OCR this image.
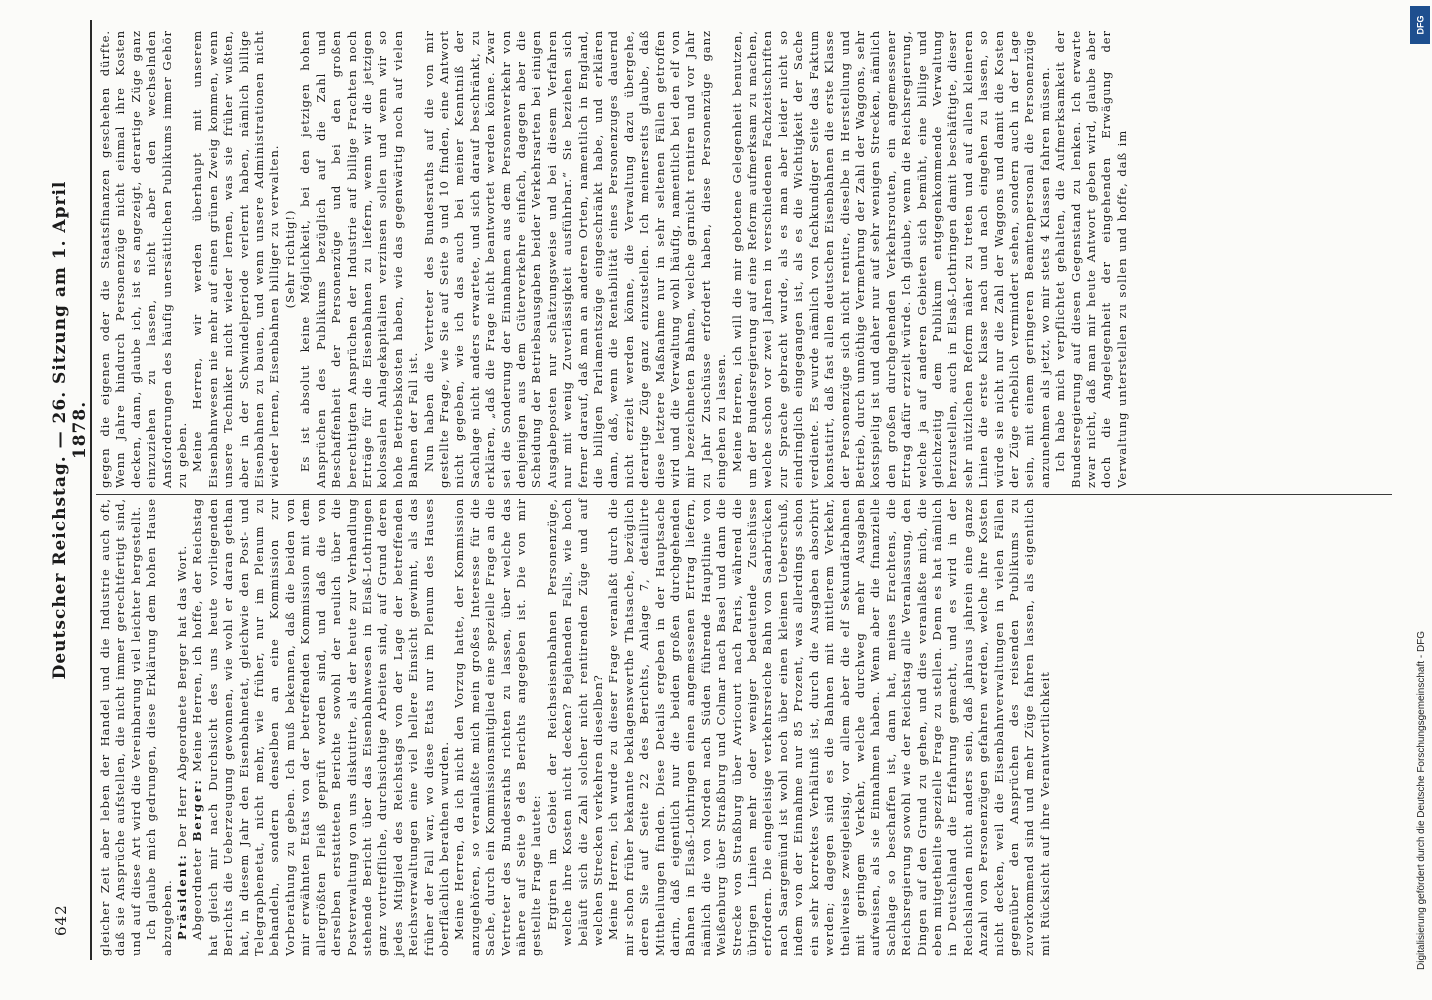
642
Deutscher Reichstag. — 26. Sitzung am 1. April 1878.

gleicher Zeit aber leben der Handel und die Industrie auch oft, daß sie Ansprüche aufstellen, die nicht immer gerechtfertigt sind, und auf diese Art wird die Vereinbarung viel leichter hergestellt. Ich glaube mich gedrungen, diese Erklärung dem hohen Hause abzugeben. Präsident: Der Herr Abgeordnete Berger hat das Wort.

Abgeordneter Berger: Meine Herren, ich hoffe, der Reichstag hat gleich mir nach Durchsicht des uns heute vorliegenden Berichts die Ueberzeugung gewonnen, wie wohl er daran gethan hat, in diesem Jahr den Eisenbahnetat, gleichwie den Post- und Telegraphenetat, nicht mehr, wie früher, nur im Plenum zu behandeln, sondern denselben an eine Kommission zur Vorberathung zu geben. Ich muß bekennen, daß die beiden von mir erwähnten Etats von der betreffenden Kommission mit dem allergrößten Fleiß geprüft worden sind, und daß die von derselben erstatteten Berichte sowohl der neulich über die Postverwaltung von uns diskutirte, als der heute zur Verhandlung stehende Bericht über das Eisenbahnwesen in Elsaß-Lothringen ganz vortreffliche, durchsichtige Arbeiten sind, auf Grund deren jedes Mitglied des Reichstags von der Lage der betreffenden Reichsverwaltungen eine viel hellere Einsicht gewinnt, als das früher der Fall war, wo diese Etats nur im Plenum des Hauses oberflächlich berathen wurden. Meine Herren, da ich nicht den Vorzug hatte, der Kommission anzugehören, so veranlaßte mich mein großes Interesse für die Sache, durch ein Kommissionsmitglied eine spezielle Frage an die Vertreter des Bundesraths richten zu lassen, über welche das nähere auf Seite 9 des Berichts angegeben ist. Die von mir gestellte Frage lautete: Ergiren im Gebiet der Reichseisenbahnen Personenzüge, welche ihre Kosten nicht decken? Bejahenden Falls, wie hoch beläuft sich die Zahl solcher nicht rentirenden Züge und auf welchen Strecken verkehren dieselben? Meine Herren, ich wurde zu dieser Frage veranlaßt durch die mir schon früher bekannte beklagenswerthe Thatsache, bezüglich deren Sie auf Seite 22 des Berichts, Anlage 7, detaillirte Mittheilungen finden. Diese Details ergeben in der Hauptsache darin, daß eigentlich nur die beiden großen durchgehenden Bahnen in Elsaß-Lothringen einen angemessenen Ertrag liefern, nämlich die von Norden nach Süden führende Hauptlinie von Weißenburg über Straßburg und Colmar nach Basel und dann die Strecke von Straßburg über Avricourt nach Paris, während die übrigen Linien mehr oder weniger bedeutende Zuschüsse erfordern. Die eingeleisige verkehrsreiche Bahn von Saarbrücken nach Saargemünd ist wohl noch über einen kleinen Ueberschuß, indem von der Einnahme nur 85 Prozent, was allerdings schon ein sehr korrektes Verhältniß ist, durch die Ausgaben absorbirt werden; dagegen sind es die Bahnen mit mittlerem Verkehr, theilweise zweigeleisig, vor allem aber die elf Sekundärbahnen mit geringem Verkehr, welche durchweg mehr Ausgaben aufweisen, als sie Einnahmen haben. Wenn aber die finanzielle Sachlage so beschaffen ist, dann hat, meines Erachtens, die Reichsregierung sowohl wie der Reichstag alle Veranlassung, den Dingen auf den Grund zu gehen, und dies veranlaßte mich, die eben mitgetheilte spezielle Frage zu stellen. Denn es hat nämlich in Deutschland die Erfahrung gemacht, und es wird in der Reichslanden nicht anders sein, daß jahraus jahrein eine ganze Anzahl von Personenzügen gefahren werden, welche ihre Kosten nicht decken, weil die Eisenbahnverwaltungen in vielen Fällen gegenüber den Ansprüchen des reisenden Publikums zu zuvorkommend sind und mehr Züge fahren lassen, als eigentlich mit Rücksicht auf ihre Verantwortlichkeit

gegen die eigenen oder die Staatsfinanzen geschehen dürfte. Wenn Jahre hindurch Personenzüge nicht einmal ihre Kosten decken, dann, glaube ich, ist es angezeigt, derartige Züge ganz einzuziehen zu lassen, nicht aber den wechselnden Ansforderungen des häufig unersättlichen Publikums immer Gehör zu geben. Meine Herren, wir werden überhaupt mit unserem Eisenbahnwesen nie mehr auf einen grünen Zweig kommen, wenn unsere Techniker nicht wieder lernen, was sie früher wußten, aber in der Schwindelperiode verlernt haben, nämlich billige Eisenbahnen zu bauen, und wenn unsere Administrationen nicht wieder lernen, Eisenbahnen billiger zu verwalten. (Sehr richtig!) Es ist absolut keine Möglichkeit, bei den jetzigen hohen Ansprüchen des Publikums bezüglich auf die Zahl und Beschaffenheit der Personenzüge und bei den großen berechtigten Ansprüchen der Industrie auf billige Frachten noch Erträge für die Eisenbahnen zu liefern, wenn wir die jetzigen kolossalen Anlagekapitalien verzinsen sollen und wenn wir so hohe Betriebskosten haben, wie das gegenwärtig noch auf vielen Bahnen der Fall ist. Nun haben die Vertreter des Bundesraths auf die von mir gestellte Frage, wie Sie auf Seite 9 und 10 finden, eine Antwort nicht gegeben, wie ich das auch bei meiner Kenntniß der Sachlage nicht anders erwartete, und sich darauf beschränkt, zu erklären, „daß die Frage nicht beantwortet werden könne. Zwar sei die Sonderung der Einnahmen aus dem Personenverkehr von denjenigen aus dem Güterverkehre einfach, dagegen aber die Scheidung der Betriebsausgaben beider Verkehrsarten bei einigen Ausgabeposten nur schätzungsweise und bei diesem Verfahren nur mit wenig Zuverlässigkeit ausführbar.“ Sie beziehen sich ferner darauf, daß man an anderen Orten, namentlich in England, die billigen Parlamentszüge eingeschränkt habe, und erklären dann, daß, wenn die Rentabilität eines Personenzuges dauernd nicht erzielt werden könne, die Verwaltung dazu übergehe, derartige Züge ganz einzustellen. Ich meinerseits glaube, daß diese letztere Maßnahme nur in sehr seltenen Fällen getroffen wird und die Verwaltung wohl häufig, namentlich bei den elf von mir bezeichneten Bahnen, welche garnicht rentiren und vor Jahr zu Jahr Zuschüsse erfordert haben, diese Personenzüge ganz eingehen zu lassen. Meine Herren, ich will die mir gebotene Gelegenheit benutzen, um der Bundesregierung auf eine Reform aufmerksam zu machen, welche schon vor zwei Jahren in verschiedenen Fachzeitschriften zur Sprache gebracht wurde, als es man aber leider nicht so eindringlich eingegangen ist, als es die Wichtigkeit der Sache verdiente. Es wurde nämlich von fachkundiger Seite das Faktum konstatirt, daß fast allen deutschen Eisenbahnen die erste Klasse der Personenzüge sich nicht rentire, dieselbe in Herstellung und Betrieb, durch unnöthige Vermehrung der Zahl der Waggons, sehr kostspielig ist und daher nur auf sehr wenigen Strecken, nämlich den großen durchgehenden Verkehrsrouten, ein angemessener Ertrag dafür erzielt würde. Ich glaube, wenn die Reichsregierung, welche ja auf anderen Gebieten sich bemüht, eine billige und gleichzeitig dem Publikum entgegenkommende Verwaltung herzustellen, auch in Elsaß-Lothringen damit beschäftigte, dieser sehr nützlichen Reform näher zu treten und auf allen kleineren Linien die erste Klasse nach und nach eingehen zu lassen, so würde sie nicht nur die Zahl der Waggons und damit die Kosten der Züge erheblich vermindert sehen, sondern auch in der Lage sein, mit einem geringeren Beamtenpersonal die Personenzüge anzunehmen als jetzt, wo mir stets 4 Klassen fahren müssen. Ich habe mich verpflichtet gehalten, die Aufmerksamkeit der Bundesregierung auf diesen Gegenstand zu lenken. Ich erwarte zwar nicht, daß man mir heute Antwort geben wird, glaube aber doch die Angelegenheit der eingehenden Erwägung der Verwaltung unterstellen zu sollen und hoffe, daß im

DFG
Digitalisierung gefördert durch die Deutsche Forschungsgemeinschaft - DFG
